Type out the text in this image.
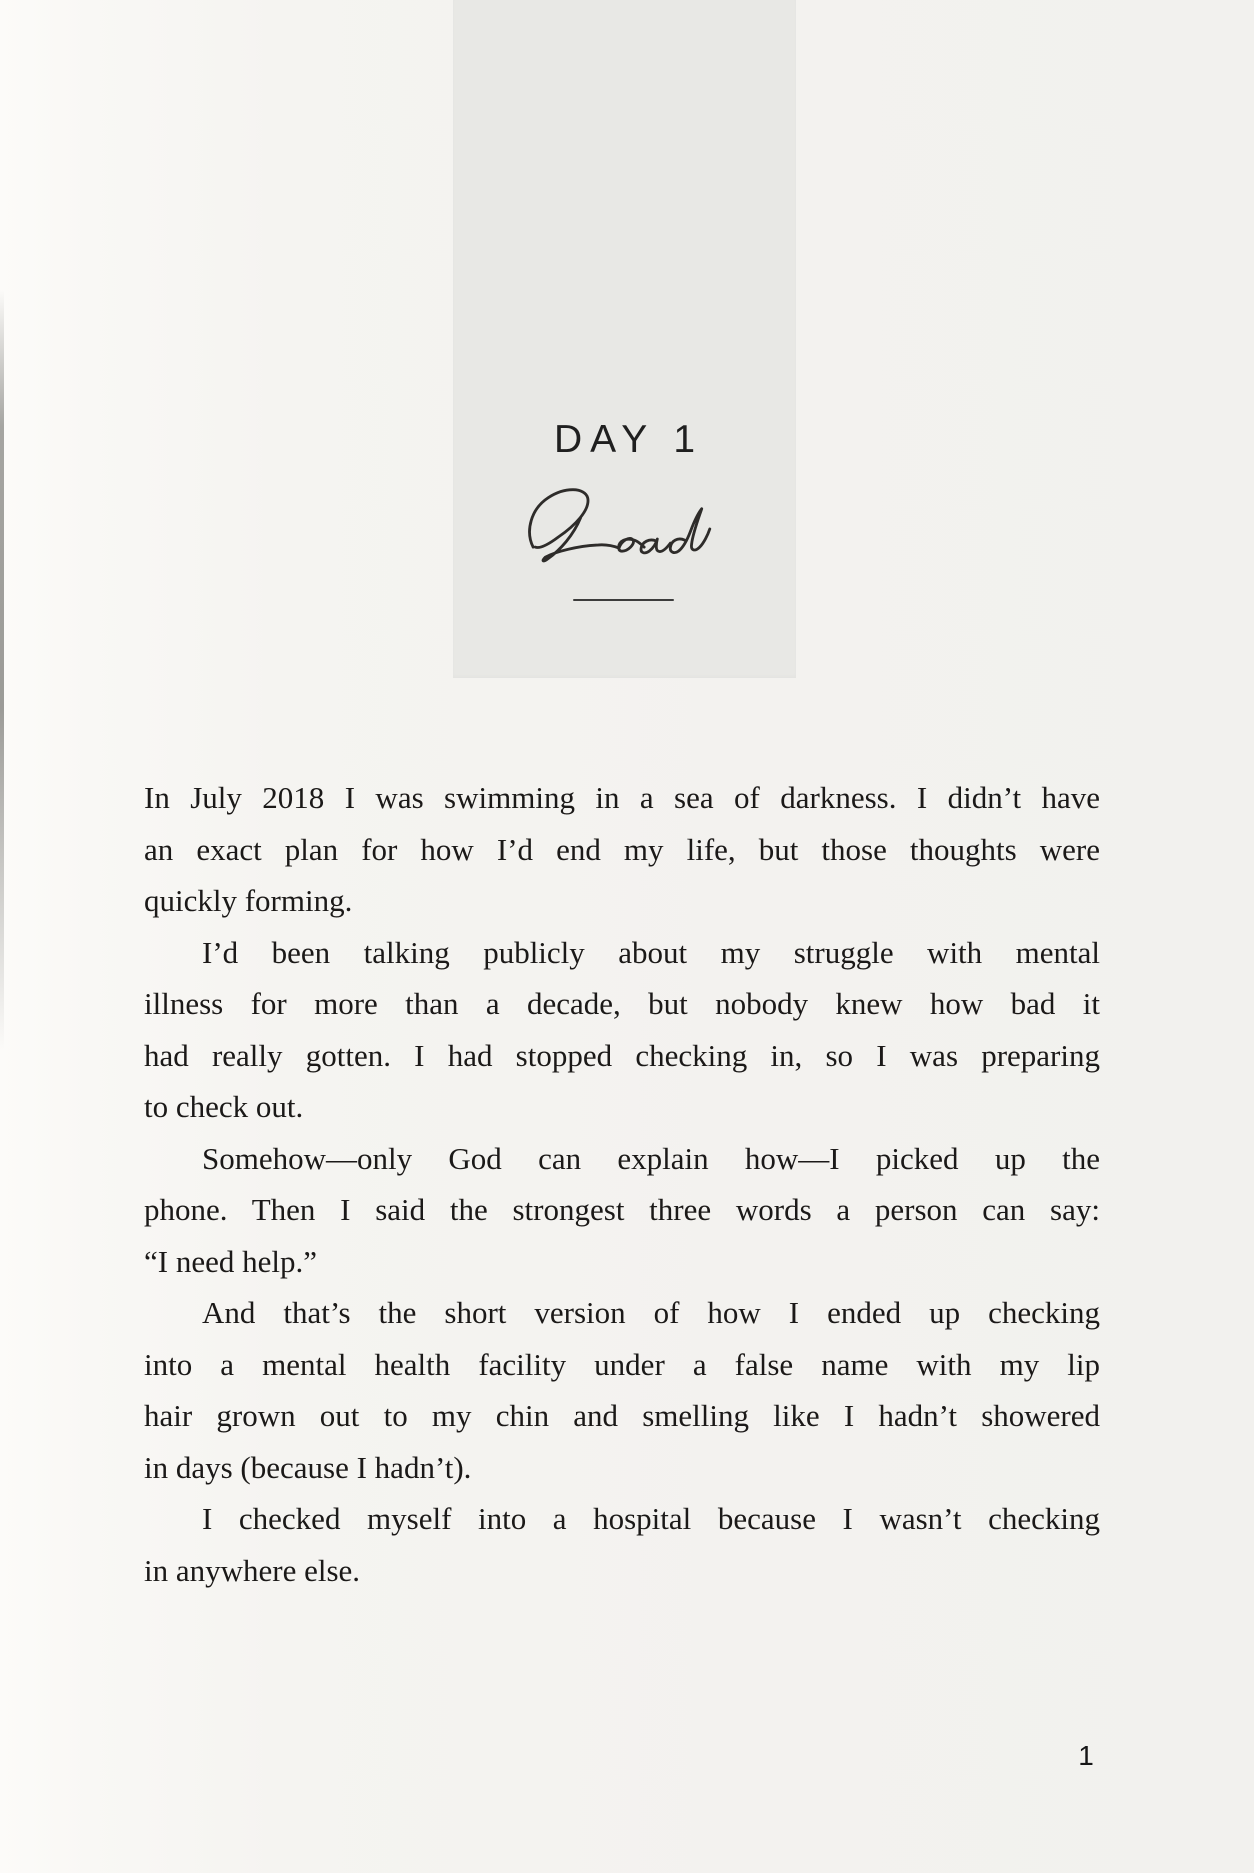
DAY 1
In July 2018 I was swimming in a sea of darkness. I didn’t have
an exact plan for how I’d end my life, but those thoughts were
quickly forming.
I’d been talking publicly about my struggle with mental
illness for more than a decade, but nobody knew how bad it
had really gotten. I had stopped checking in, so I was preparing
to check out.
Somehow—only God can explain how—I picked up the
phone. Then I said the strongest three words a person can say:
“I need help.”
And that’s the short version of how I ended up checking
into a mental health facility under a false name with my lip
hair grown out to my chin and smelling like I hadn’t showered
in days (because I hadn’t).
I checked myself into a hospital because I wasn’t checking
in anywhere else.
1
